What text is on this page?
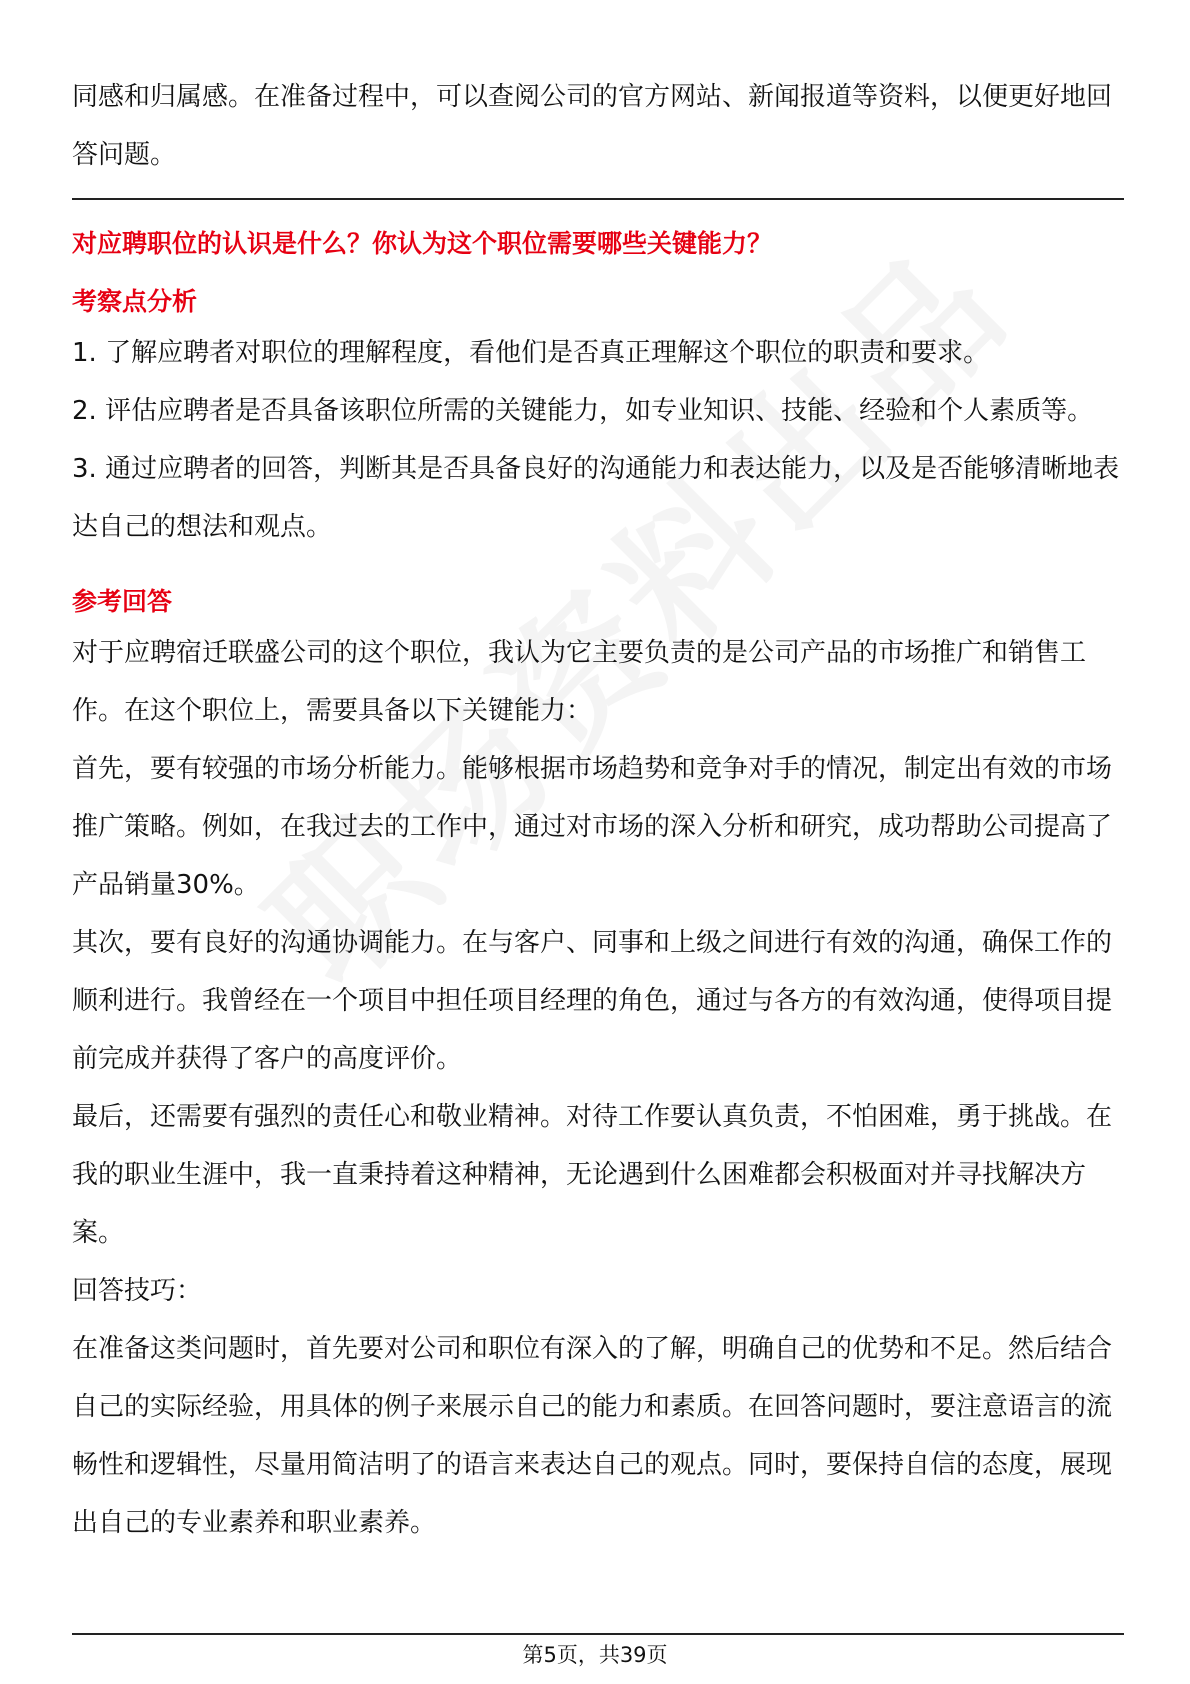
同感和归属感。在准备过程中，可以查阅公司的官方网站、新闻报道等资料，以便更好地回答问题。

对应聘职位的认识是什么？你认为这个职位需要哪些关键能力？
考察点分析

1. 了解应聘者对职位的理解程度，看他们是否真正理解这个职位的职责和要求。

2. 评估应聘者是否具备该职位所需的关键能力，如专业知识、技能、经验和个人素质等。

3. 通过应聘者的回答，判断其是否具备良好的沟通能力和表达能力，以及是否能够清晰地表达自己的想法和观点。

参考回答

对于应聘宿迁联盛公司的这个职位，我认为它主要负责的是公司产品的市场推广和销售工作。在这个职位上，需要具备以下关键能力：

首先，要有较强的市场分析能力。能够根据市场趋势和竞争对手的情况，制定出有效的市场推广策略。例如，在我过去的工作中，通过对市场的深入分析和研究，成功帮助公司提高了产品销量30%。

其次，要有良好的沟通协调能力。在与客户、同事和上级之间进行有效的沟通，确保工作的顺利进行。我曾经在一个项目中担任项目经理的角色，通过与各方的有效沟通，使得项目提前完成并获得了客户的高度评价。

最后，还需要有强烈的责任心和敬业精神。对待工作要认真负责，不怕困难，勇于挑战。在我的职业生涯中，我一直秉持着这种精神，无论遇到什么困难都会积极面对并寻找解决方案。

回答技巧：

在准备这类问题时，首先要对公司和职位有深入的了解，明确自己的优势和不足。然后结合自己的实际经验，用具体的例子来展示自己的能力和素质。在回答问题时，要注意语言的流畅性和逻辑性，尽量用简洁明了的语言来表达自己的观点。同时，要保持自信的态度，展现出自己的专业素养和职业素养。

第5页，共39页
